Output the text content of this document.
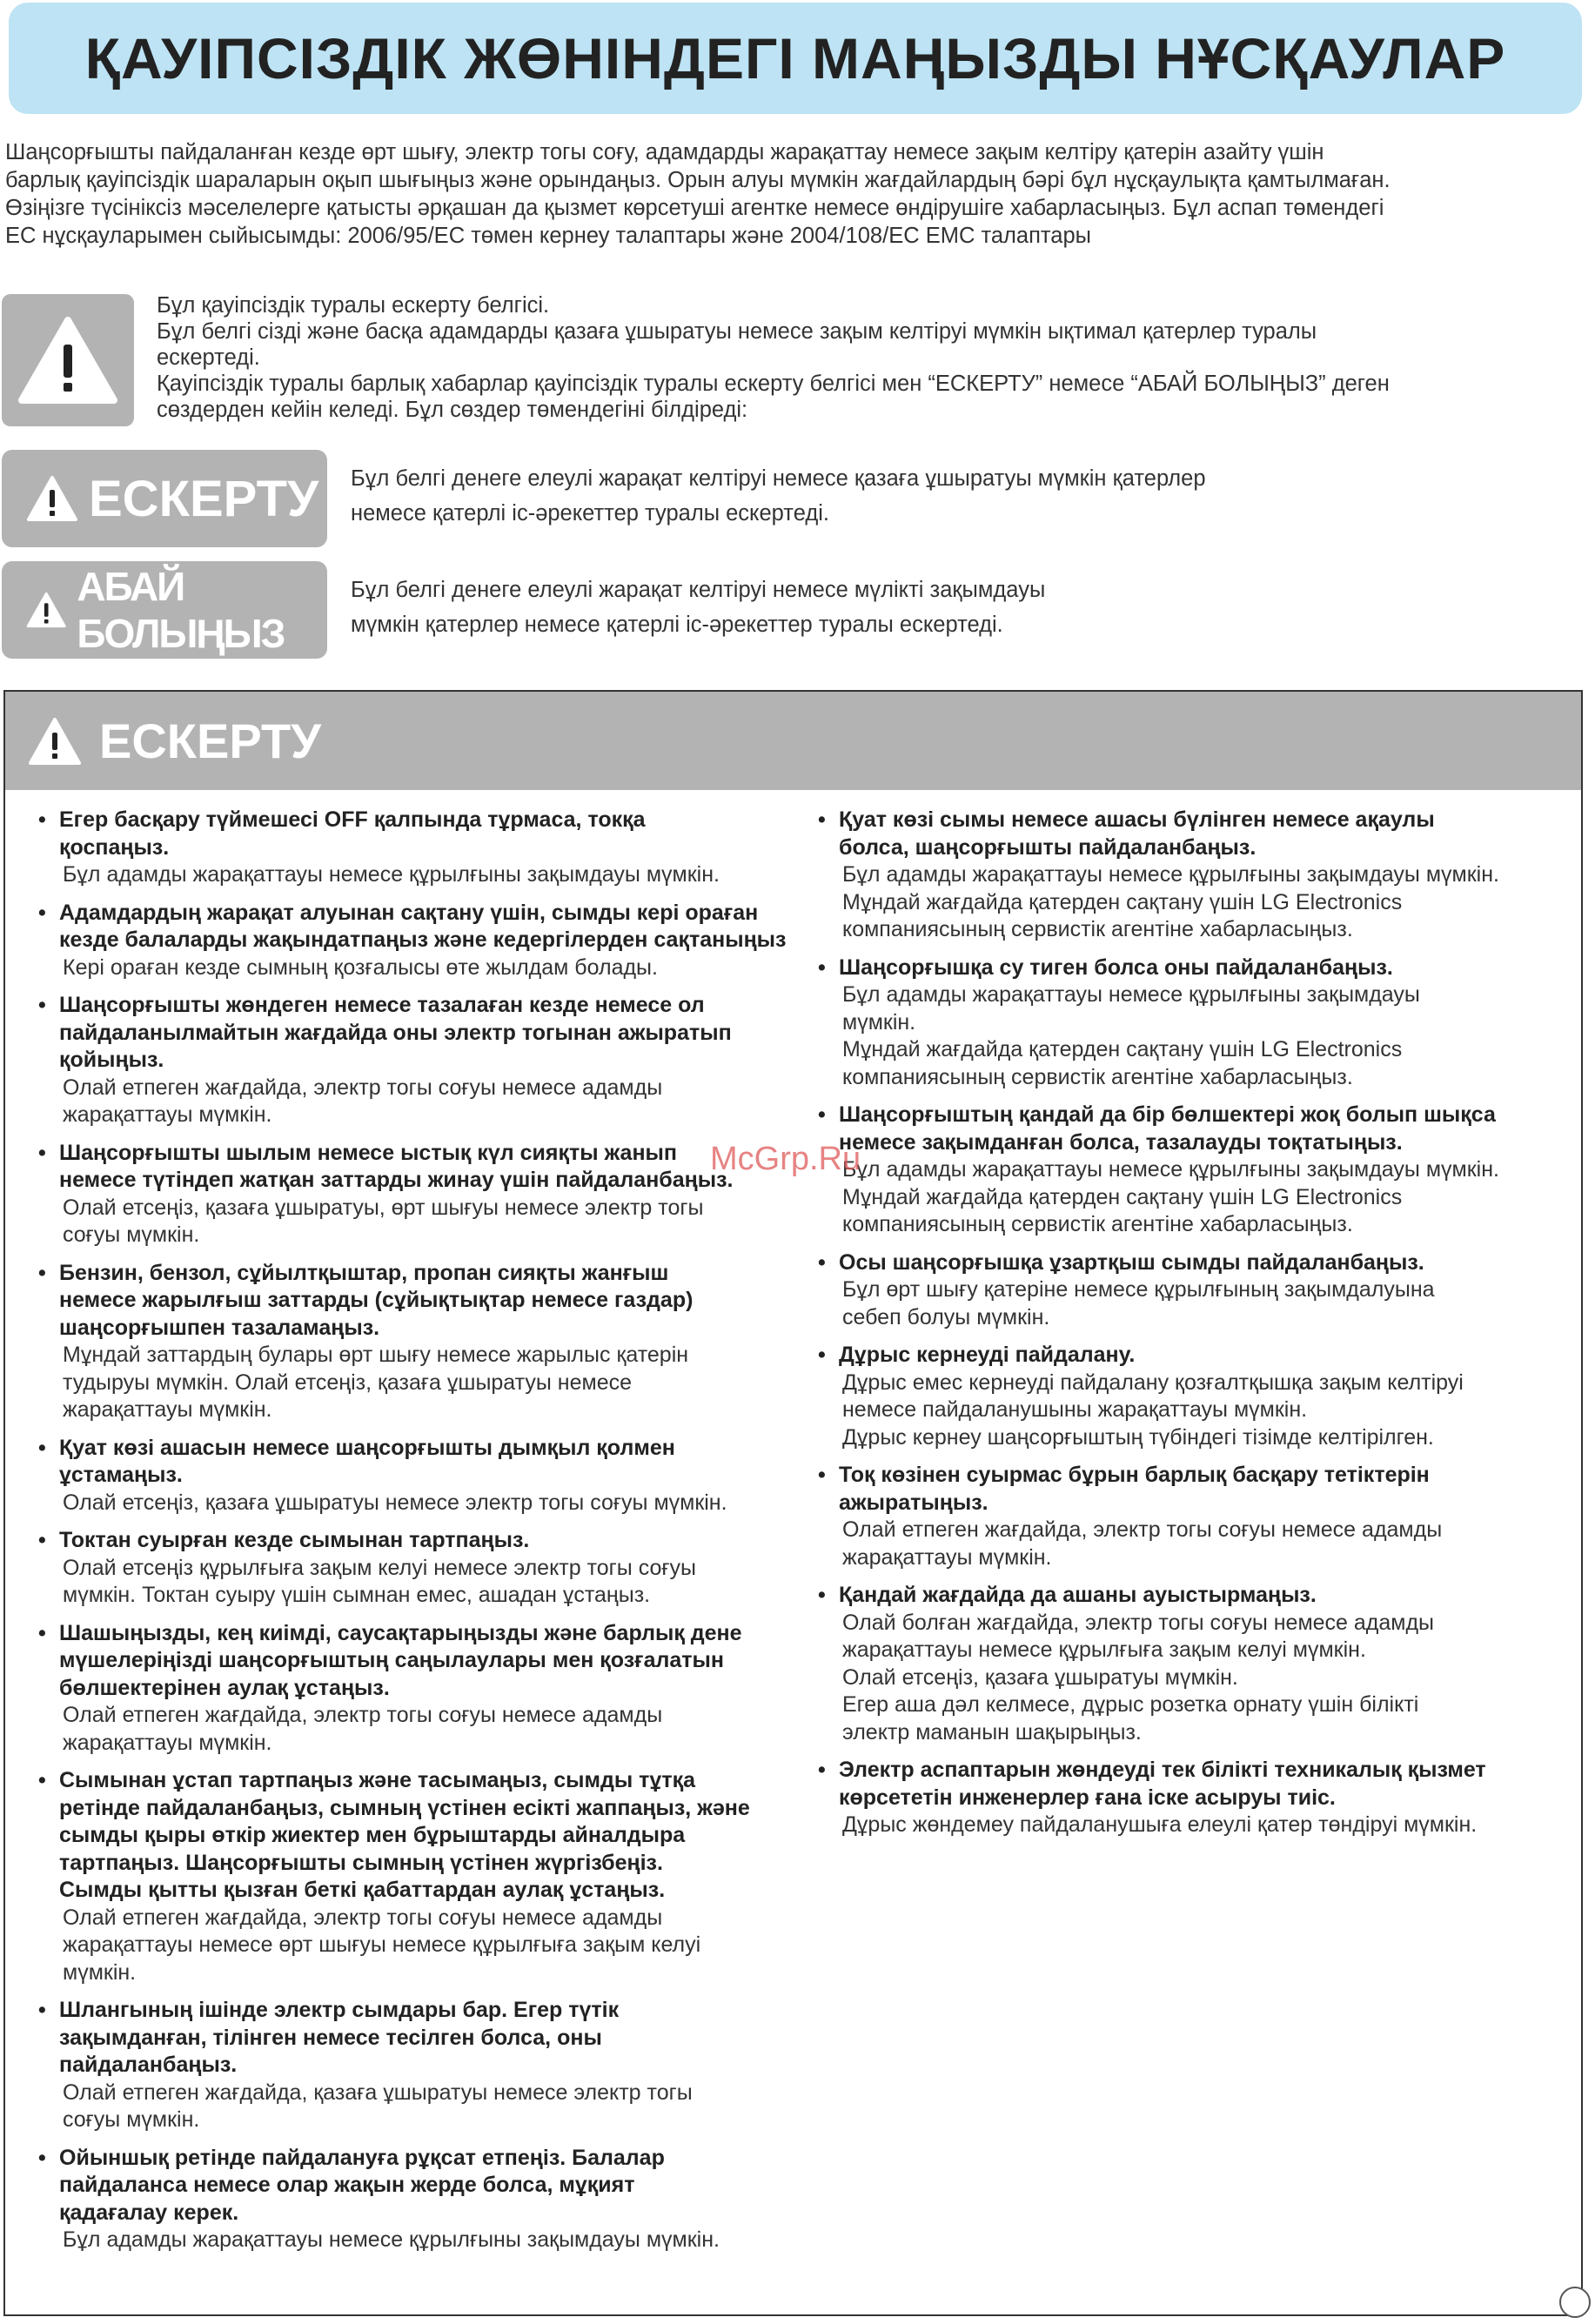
ҚАУІПСІЗДІК ЖӨНІНДЕГІ МАҢЫЗДЫ НҰСҚАУЛАР

Шаңсорғышты пайдаланған кезде өрт шығу, электр тогы соғу, адамдарды жарақаттау немесе зақым келтіру қатерін азайту үшін

барлық қауіпсіздік шараларын оқып шығыңыз және орындаңыз. Орын алуы мүмкін жағдайлардың бәрі бұл нұсқаулықта қамтылмаған.

Өзіңізге түсініксіз мәселелерге қатысты әрқашан да қызмет көрсетуші агентке немесе өндірушіге хабарласыңыз. Бұл аспап төмендегі

ЕС нұсқауларымен сыйысымды: 2006/95/ЕС төмен кернеу талаптары және 2004/108/ЕС ЕМС талаптары

Бұл қауіпсіздік туралы ескерту белгісі.

Бұл белгі сізді және басқа адамдарды қазаға ұшыратуы немесе зақым келтіруі мүмкін ықтимал қатерлер туралы

ескертеді.

Қауіпсіздік туралы барлық хабарлар қауіпсіздік туралы ескерту белгісі мен “ЕСКЕРТУ” немесе “АБАЙ БОЛЫҢЫЗ” деген

сөздерден кейін келеді. Бұл сөздер төмендегіні білдіреді:

ЕСКЕРТУ Бұл белгі денеге елеулі жарақат келтіруі немесе қазаға ұшыратуы мүмкін қатерлер

немесе қатерлі іс-әрекеттер туралы ескертеді.

АБАЙ БОЛЫҢЫЗ

Бұл белгі денеге елеулі жарақат келтіруі немесе мүлікті зақымдауы

мүмкін қатерлер немесе қатерлі іс-әрекеттер туралы ескертеді.

ЕСКЕРТУ
• Егер басқару түймешесі OFF қалпында тұрмаса, токқа
қоспаңыз.
Бұл адамды жарақаттауы немесе құрылғыны зақымдауы мүмкін.
• Адамдардың жарақат алуынан сақтану үшін, сымды кері ораған
кезде балаларды жақындатпаңыз және кедергілерден сақтаныңыз
Кері ораған кезде сымның қозғалысы өте жылдам болады.
• Шаңсорғышты жөндеген немесе тазалаған кезде немесе ол
пайдаланылмайтын жағдайда оны электр тогынан ажыратып
қойыңыз.
Олай етпеген жағдайда, электр тогы соғуы немесе адамды
жарақаттауы мүмкін.
• Шаңсорғышты шылым немесе ыстық күл сияқты жанып
немесе түтіндеп жатқан заттарды жинау үшін пайдаланбаңыз.
Олай етсеңіз, қазаға ұшыратуы, өрт шығуы немесе электр тогы
соғуы мүмкін.
• Бензин, бензол, сұйылтқыштар, пропан сияқты жанғыш
немесе жарылғыш заттарды (сұйықтықтар немесе газдар)
шаңсорғышпен тазаламаңыз.
Мұндай заттардың булары өрт шығу немесе жарылыс қатерін
тудыруы мүмкін. Олай етсеңіз, қазаға ұшыратуы немесе
жарақаттауы мүмкін.
• Қуат көзі ашасын немесе шаңсорғышты дымқыл қолмен
ұстамаңыз.
Олай етсеңіз, қазаға ұшыратуы немесе электр тогы соғуы мүмкін.
• Токтан суырған кезде сымынан тартпаңыз.
Олай етсеңіз құрылғыға зақым келуі немесе электр тогы соғуы
мүмкін. Токтан суыру үшін сымнан емес, ашадан ұстаңыз.
• Шашыңызды, кең киімді, саусақтарыңызды және барлық дене
мүшелеріңізді шаңсорғыштың саңылаулары мен қозғалатын
бөлшектерінен аулақ ұстаңыз.
Олай етпеген жағдайда, электр тогы соғуы немесе адамды
жарақаттауы мүмкін.
• Сымынан ұстап тартпаңыз және тасымаңыз, сымды тұтқа
ретінде пайдаланбаңыз, сымның үстінен есікті жаппаңыз, және
сымды қыры өткір жиектер мен бұрыштарды айналдыра
тартпаңыз. Шаңсорғышты сымның үстінен жүргізбеңіз.
Сымды қытты қызған беткі қабаттардан аулақ ұстаңыз.
Олай етпеген жағдайда, электр тогы соғуы немесе адамды
жарақаттауы немесе өрт шығуы немесе құрылғыға зақым келуі
мүмкін.
• Шлангының ішінде электр сымдары бар. Егер түтік
зақымданған, тілінген немесе тесілген болса, оны
пайдаланбаңыз.
Олай етпеген жағдайда, қазаға ұшыратуы немесе электр тогы
соғуы мүмкін.
• Ойыншық ретінде пайдалануға рұқсат етпеңіз. Балалар
пайдаланса немесе олар жақын жерде болса, мұқият
қадағалау керек.
Бұл адамды жарақаттауы немесе құрылғыны зақымдауы мүмкін.
• Қуат көзі сымы немесе ашасы бүлінген немесе ақаулы
болса, шаңсорғышты пайдаланбаңыз.
Бұл адамды жарақаттауы немесе құрылғыны зақымдауы мүмкін.
Мұндай жағдайда қатерден сақтану үшін LG Electronics
компаниясының сервистік агентіне хабарласыңыз.
• Шаңсорғышқа су тиген болса оны пайдаланбаңыз.
Бұл адамды жарақаттауы немесе құрылғыны зақымдауы
мүмкін.
Мұндай жағдайда қатерден сақтану үшін LG Electronics
компаниясының сервистік агентіне хабарласыңыз.
• Шаңсорғыштың қандай да бір бөлшектері жоқ болып шықса
немесе зақымданған болса, тазалауды тоқтатыңыз.
Бұл адамды жарақаттауы немесе құрылғыны зақымдауы мүмкін.
Мұндай жағдайда қатерден сақтану үшін LG Electronics
компаниясының сервистік агентіне хабарласыңыз.
• Осы шаңсорғышқа ұзартқыш сымды пайдаланбаңыз.
Бұл өрт шығу қатеріне немесе құрылғының зақымдалуына
себеп болуы мүмкін.
• Дұрыс кернеуді пайдалану.
Дұрыс емес кернеуді пайдалану қозғалтқышқа зақым келтіруі
немесе пайдаланушыны жарақаттауы мүмкін.
Дұрыс кернеу шаңсорғыштың түбіндегі тізімде келтірілген.
• Тоқ көзінен суырмас бұрын барлық басқару тетіктерін
ажыратыңыз.
Олай етпеген жағдайда, электр тогы соғуы немесе адамды
жарақаттауы мүмкін.
• Қандай жағдайда да ашаны ауыстырмаңыз.
Олай болған жағдайда, электр тогы соғуы немесе адамды
жарақаттауы немесе құрылғыға зақым келуі мүмкін.
Олай етсеңіз, қазаға ұшыратуы мүмкін.
Егер аша дәл келмесе, дұрыс розетка орнату үшін білікті
электр маманын шақырыңыз.
• Электр аспаптарын жөндеуді тек білікті техникалық қызмет
көрсететін инженерлер ғана іске асыруы тиіс.
Дұрыс жөндемеу пайдаланушыға елеулі қатер төндіруі мүмкін.
McGrp.Ru
